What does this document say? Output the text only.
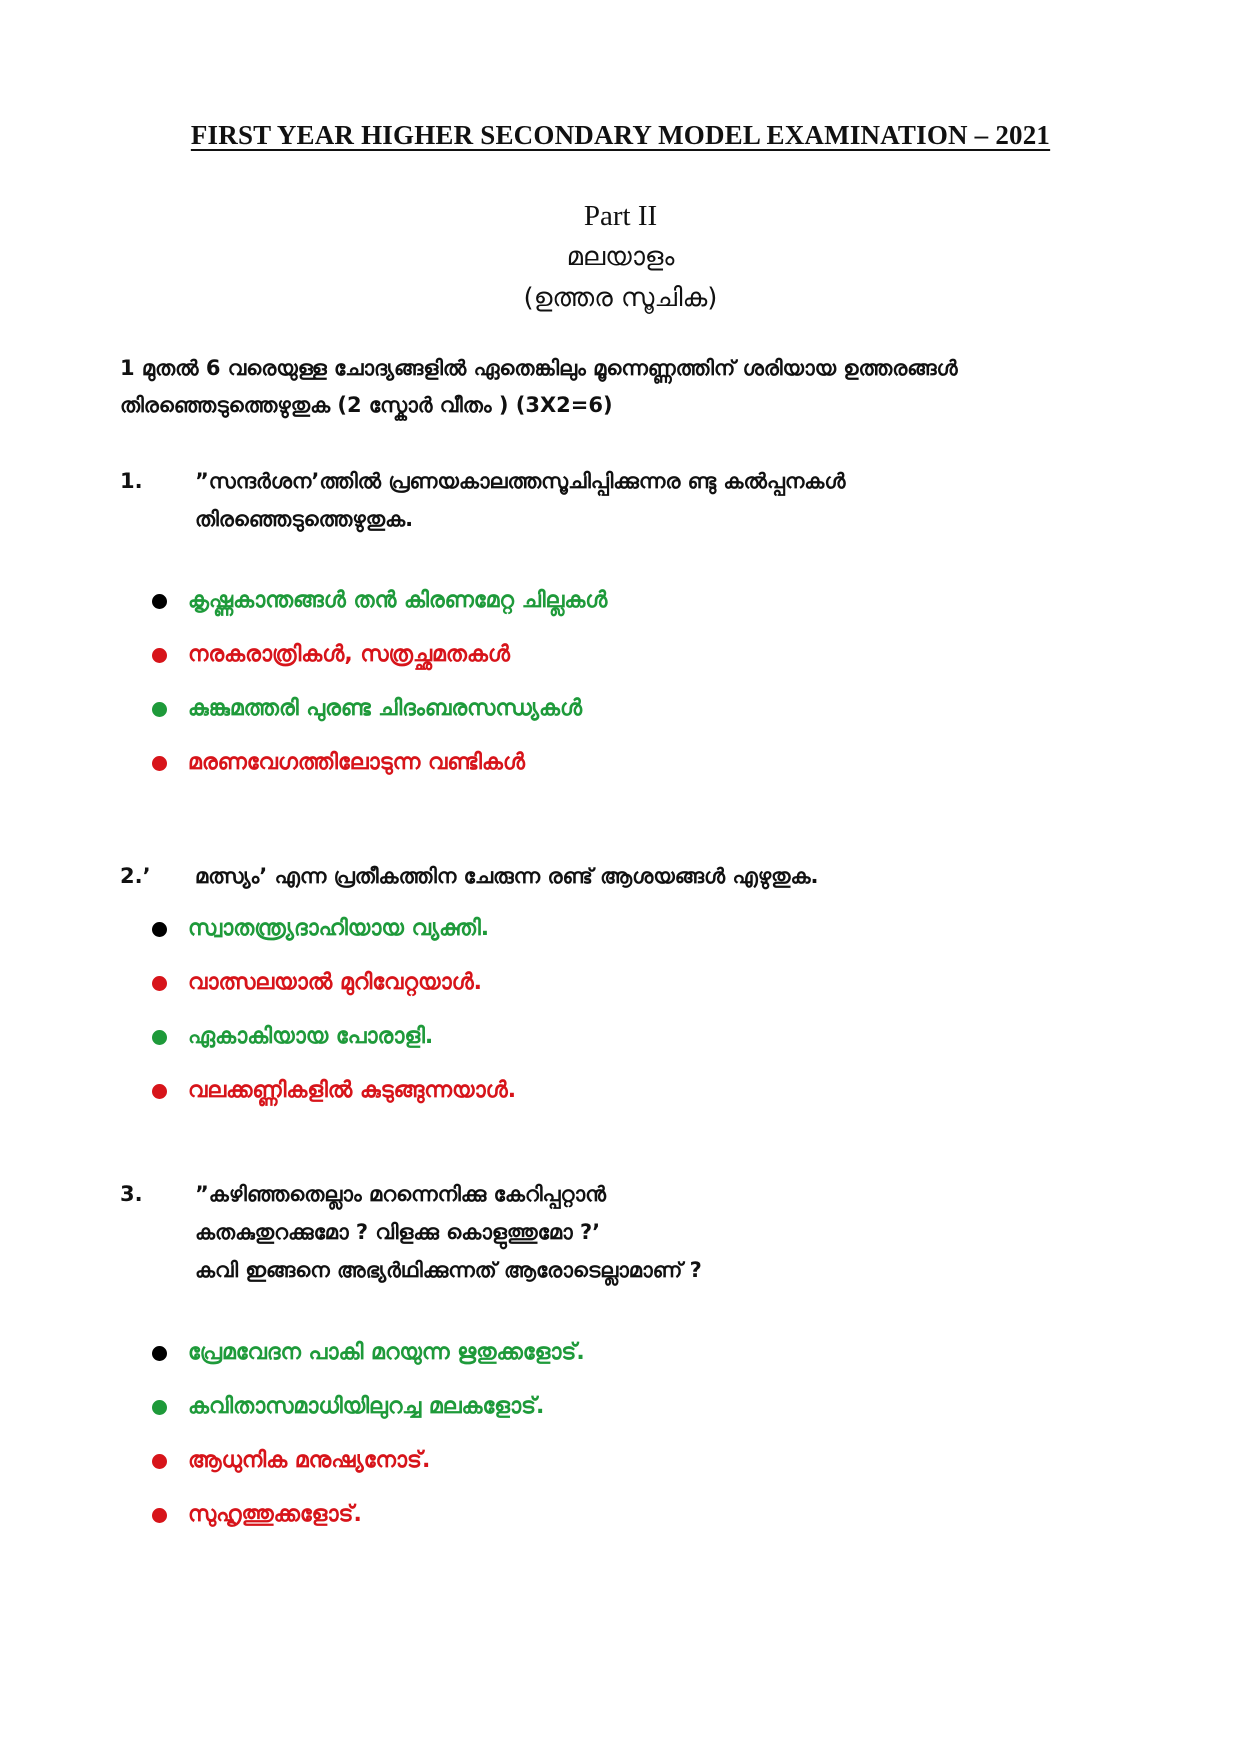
FIRST YEAR HIGHER SECONDARY MODEL EXAMINATION – 2021
Part II
മലയാളം
(ഉത്തര സൂചിക)
1 മുതൽ 6 വരെയുള്ള ചോദ്യങ്ങളിൽ ഏതെങ്കിലും മൂന്നെണ്ണത്തിന് ശരിയായ ഉത്തരങ്ങൾ
തിരഞ്ഞെടുത്തെഴുതുക (2 സ്കോർ വീതം ) (3X2=6)
1. ”സന്ദർശന’ത്തിൽ പ്രണയകാലത്തസൂചിപ്പിക്കുന്നര ണ്ടു കൽപ്പനകൾ
തിരഞ്ഞെടുത്തെഴുതുക.
കൃഷ്ണകാന്തങ്ങൾ തൻ കിരണമേറ്റ ചില്ലകൾ
നരകരാത്രികൾ, സത്രച്ഛമതകൾ
കുങ്കുമത്തരി പുരണ്ട ചിദംബരസന്ധ്യകൾ
മരണവേഗത്തിലോടുന്ന വണ്ടികൾ
2.’ മത്സ്യം’ എന്ന പ്രതീകത്തിന ചേരുന്ന രണ്ട് ആശയങ്ങൾ എഴുതുക.
സ്വാതന്ത്ര്യദാഹിയായ വ്യക്തി.
വാത്സലയാൽ മുറിവേറ്റയാൾ.
ഏകാകിയായ പോരാളി.
വലക്കണ്ണികളിൽ കുടുങ്ങുന്നയാൾ.
3. ”കഴിഞ്ഞതെല്ലാം മറന്നെനിക്കു കേറിപ്പറ്റാൻ
കതകുതുറക്കുമോ ? വിളക്കു കൊളുത്തുമോ ?’
കവി ഇങ്ങനെ അഭ്യർഥിക്കുന്നത് ആരോടെല്ലാമാണ് ?
പ്രേമവേദന പാകി മറയുന്ന ഋതുക്കളോട്.
കവിതാസമാധിയിലുറച്ച മലകളോട്.
ആധുനിക മനുഷ്യനോട്.
സുഹൃത്തുക്കളോട്.
